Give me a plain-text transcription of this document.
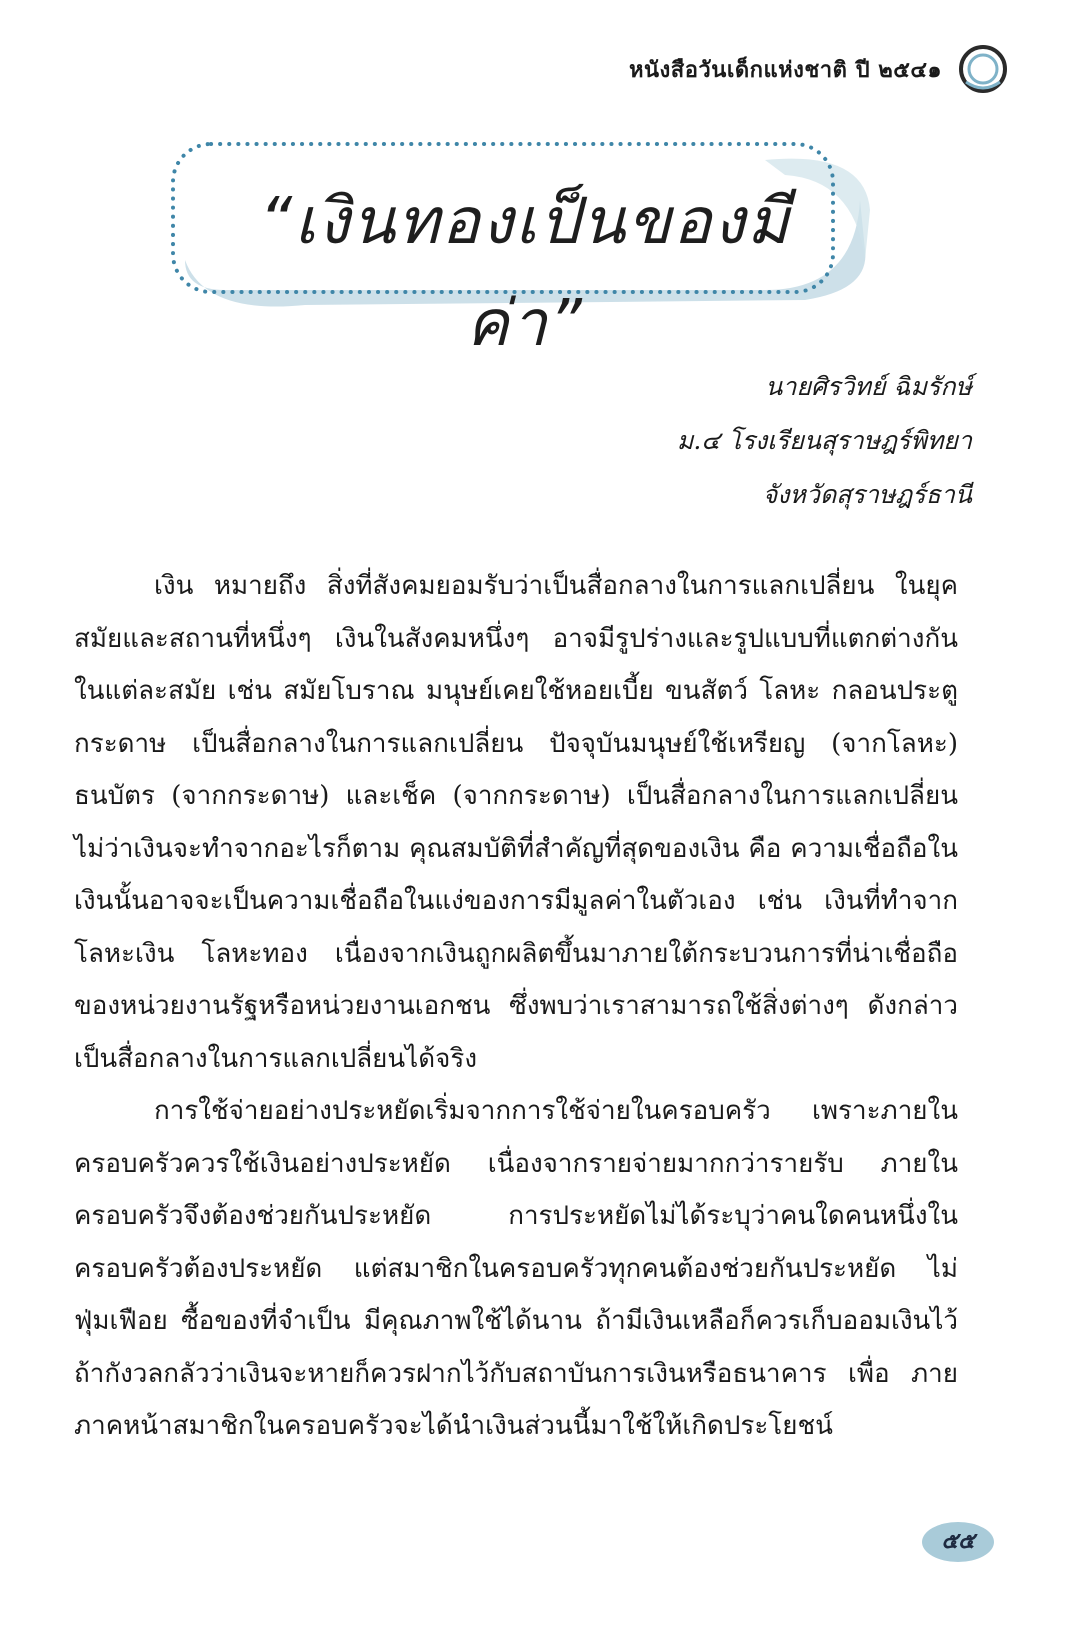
หนังสือวันเด็กแห่งชาติ ปี ๒๕๔๑
“เงินทองเป็นของมีค่า”
นายศิรวิทย์ ฉิมรักษ์
ม.๔ โรงเรียนสุราษฎร์พิทยา
จังหวัดสุราษฎร์ธานี

เงิน หมายถึง สิ่งที่สังคมยอมรับว่าเป็นสื่อกลางในการแลกเปลี่ยน ในยุคสมัยและสถานที่หนึ่งๆ เงินในสังคมหนึ่งๆ อาจมีรูปร่างและรูปแบบที่แตกต่างกันในแต่ละสมัย เช่น สมัยโบราณ มนุษย์เคยใช้หอยเบี้ย ขนสัตว์ โลหะ กลอนประตู กระดาษ เป็นสื่อกลางในการแลกเปลี่ยน ปัจจุบันมนุษย์ใช้เหรียญ (จากโลหะ) ธนบัตร (จากกระดาษ) และเช็ค (จากกระดาษ) เป็นสื่อกลางในการแลกเปลี่ยน ไม่ว่าเงินจะทำจากอะไรก็ตาม คุณสมบัติที่สำคัญที่สุดของเงิน คือ ความเชื่อถือใน เงินนั้นอาจจะเป็นความเชื่อถือในแง่ของการมีมูลค่าในตัวเอง เช่น เงินที่ทำจาก โลหะเงิน โลหะทอง เนื่องจากเงินถูกผลิตขึ้นมาภายใต้กระบวนการที่น่าเชื่อถือ ของหน่วยงานรัฐหรือหน่วยงานเอกชน ซึ่งพบว่าเราสามารถใช้สิ่งต่างๆ ดังกล่าว เป็นสื่อกลางในการแลกเปลี่ยนได้จริง

การใช้จ่ายอย่างประหยัดเริ่มจากการใช้จ่ายในครอบครัว เพราะภายใน ครอบครัวควรใช้เงินอย่างประหยัด เนื่องจากรายจ่ายมากกว่ารายรับ ภายใน ครอบครัวจึงต้องช่วยกันประหยัด การประหยัดไม่ได้ระบุว่าคนใดคนหนึ่งใน ครอบครัวต้องประหยัด แต่สมาชิกในครอบครัวทุกคนต้องช่วยกันประหยัด ไม่ ฟุ่มเฟือย ซื้อของที่จำเป็น มีคุณภาพใช้ได้นาน ถ้ามีเงินเหลือก็ควรเก็บออมเงินไว้ ถ้ากังวลกลัวว่าเงินจะหายก็ควรฝากไว้กับสถาบันการเงินหรือธนาคาร เพื่อ ภายภาคหน้าสมาชิกในครอบครัวจะได้นำเงินส่วนนี้มาใช้ให้เกิดประโยชน์

๕๕
